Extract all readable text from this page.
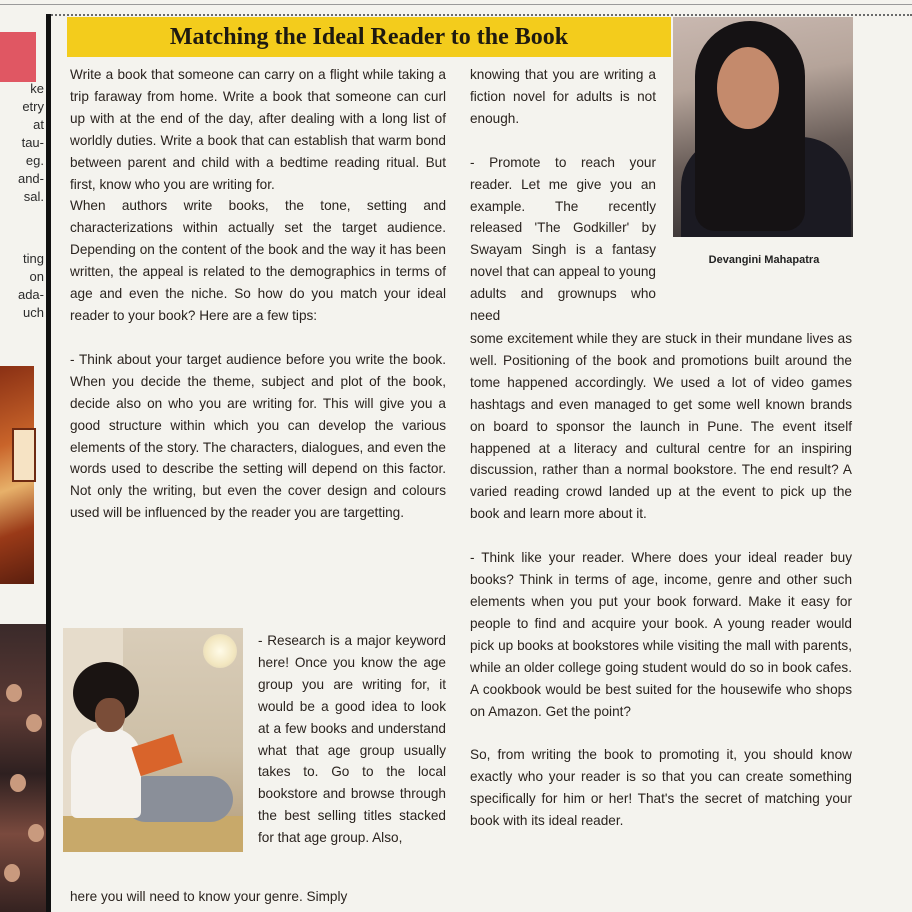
ke
etry
at
tau-
eg.
and-
sal.
ting
on
ada-
uch
Matching the Ideal Reader to the Book

Write a book that someone can carry on a flight while taking a trip faraway from home. Write a book that someone can curl up with at the end of the day, after dealing with a long list of worldly duties. Write a book that can establish that warm bond between parent and child with a bedtime reading ritual. But first, know who you are writing for.

When authors write books, the tone, setting and characterizations within actually set the target audience. Depending on the content of the book and the way it has been written, the appeal is related to the demographics in terms of age and even the niche. So how do you match your ideal reader to your book? Here are a few tips:

- Think about your target audience before you write the book. When you decide the theme, subject and plot of the book, decide also on who you are writing for. This will give you a good structure within which you can develop the various elements of the story. The characters, dialogues, and even the words used to describe the setting will depend on this factor. Not only the writing, but even the cover design and colours used will be influenced by the reader you are targetting.

- Research is a major keyword here! Once you know the age group you are writing for, it would be a good idea to look at a few books and understand what that age group usually takes to. Go to the local bookstore and browse through the best selling titles stacked for that age group. Also,

here you will need to know your genre. Simply

knowing that you are writing a fiction novel for adults is not enough.

- Promote to reach your reader. Let me give you an example. The recently released 'The Godkiller' by Swayam Singh is a fantasy novel that can appeal to young adults and grownups who need

some excitement while they are stuck in their mundane lives as well. Positioning of the book and promotions built around the tome happened accordingly. We used a lot of video games hashtags and even managed to get some well known brands on board to sponsor the launch in Pune. The event itself happened at a literacy and cultural centre for an inspiring discussion, rather than a normal bookstore. The end result? A varied reading crowd landed up at the event to pick up the book and learn more about it.

- Think like your reader. Where does your ideal reader buy books? Think in terms of age, income, genre and other such elements when you put your book forward. Make it easy for people to find and acquire your book. A young reader would pick up books at bookstores while visiting the mall with parents, while an older college going student would do so in book cafes. A cookbook would be best suited for the housewife who shops on Amazon. Get the point?

So, from writing the book to promoting it, you should know exactly who your reader is so that you can create something specifically for him or her! That's the secret of matching your book with its ideal reader.

Devangini Mahapatra
